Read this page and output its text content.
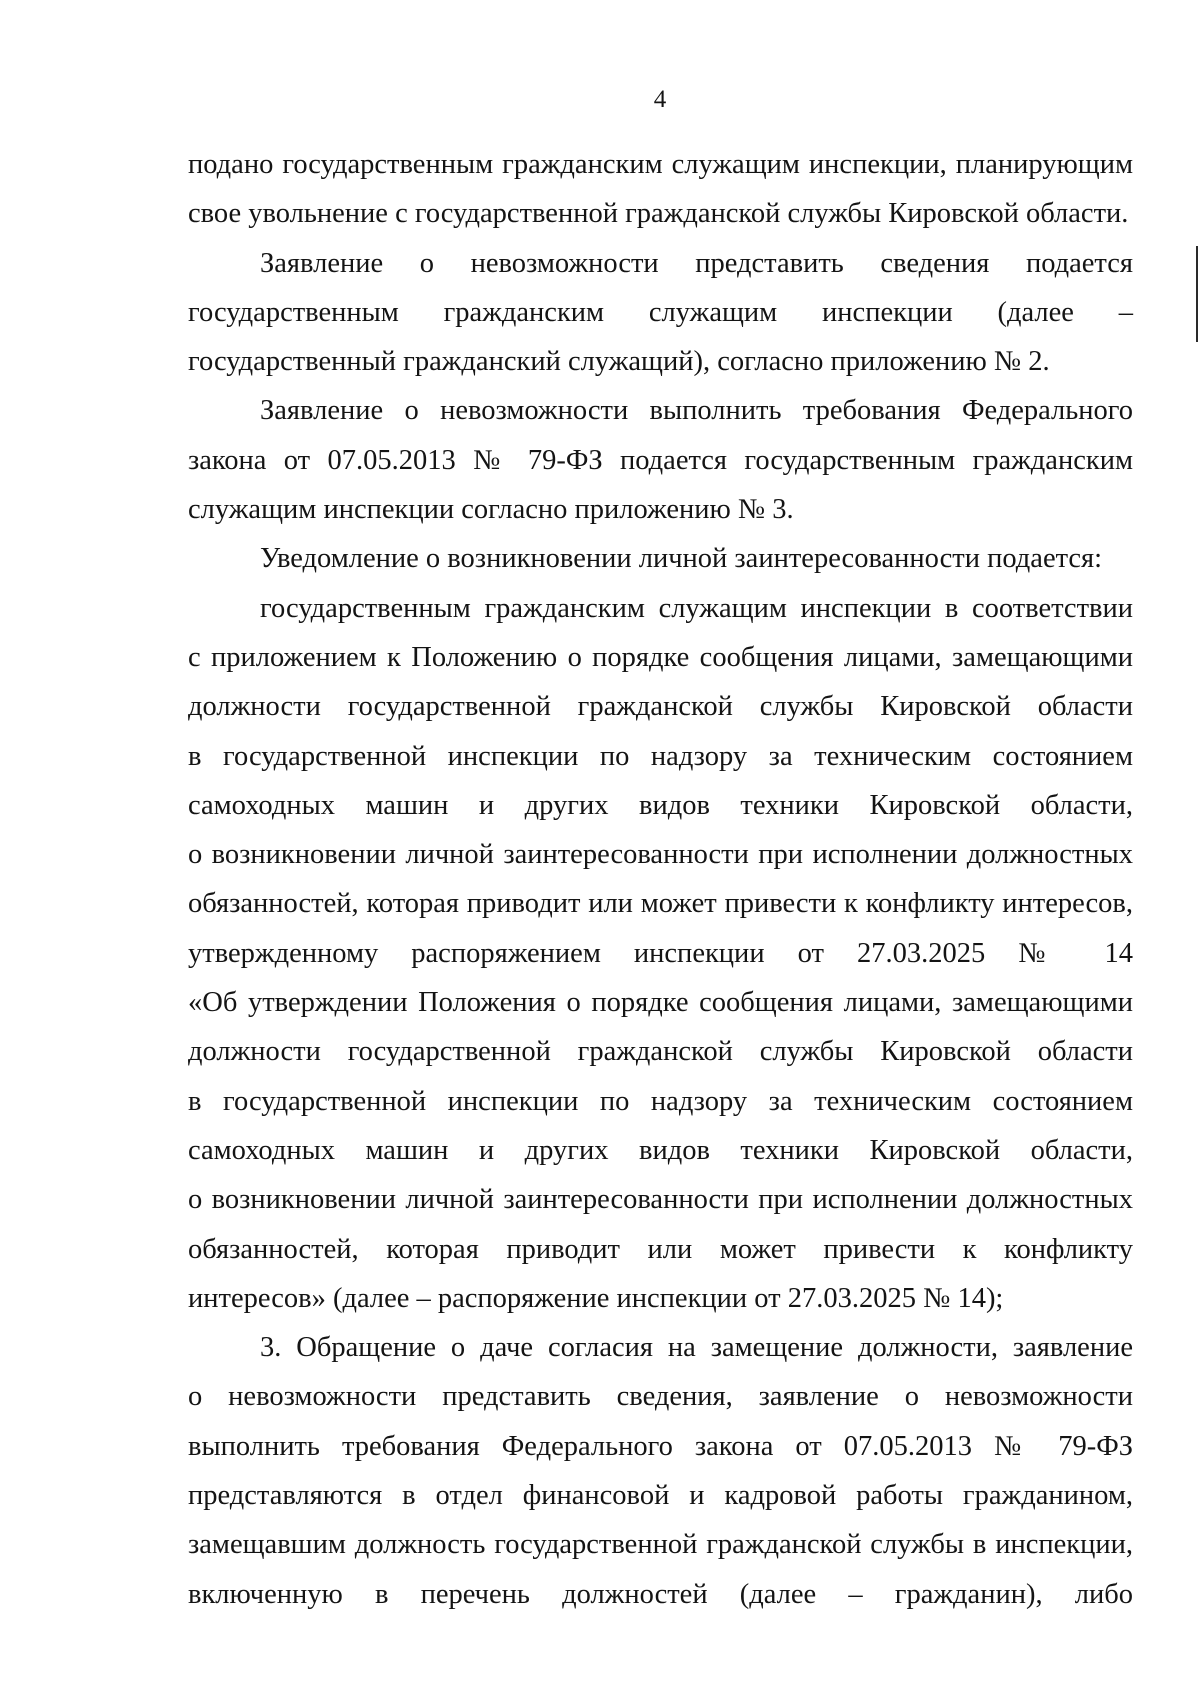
4
подано государственным гражданским служащим инспекции, планирующим
свое увольнение с государственной гражданской службы Кировской области.
Заявление о невозможности представить сведения подается
государственным гражданским служащим инспекции (далее –
государственный гражданский служащий), согласно приложению № 2.
Заявление о невозможности выполнить требования Федерального
закона от 07.05.2013 № 79-ФЗ подается государственным гражданским
служащим инспекции согласно приложению № 3.
Уведомление о возникновении личной заинтересованности подается:
государственным гражданским служащим инспекции в соответствии
с приложением к Положению о порядке сообщения лицами, замещающими
должности государственной гражданской службы Кировской области
в государственной инспекции по надзору за техническим состоянием
самоходных машин и других видов техники Кировской области,
о возникновении личной заинтересованности при исполнении должностных
обязанностей, которая приводит или может привести к конфликту интересов,
утвержденному распоряжением инспекции от 27.03.2025 № 14
«Об утверждении Положения о порядке сообщения лицами, замещающими
должности государственной гражданской службы Кировской области
в государственной инспекции по надзору за техническим состоянием
самоходных машин и других видов техники Кировской области,
о возникновении личной заинтересованности при исполнении должностных
обязанностей, которая приводит или может привести к конфликту
интересов» (далее – распоряжение инспекции от 27.03.2025 № 14);
3. Обращение о даче согласия на замещение должности, заявление
о невозможности представить сведения, заявление о невозможности
выполнить требования Федерального закона от 07.05.2013 № 79-ФЗ
представляются в отдел финансовой и кадровой работы гражданином,
замещавшим должность государственной гражданской службы в инспекции,
включенную в перечень должностей (далее – гражданин), либо
